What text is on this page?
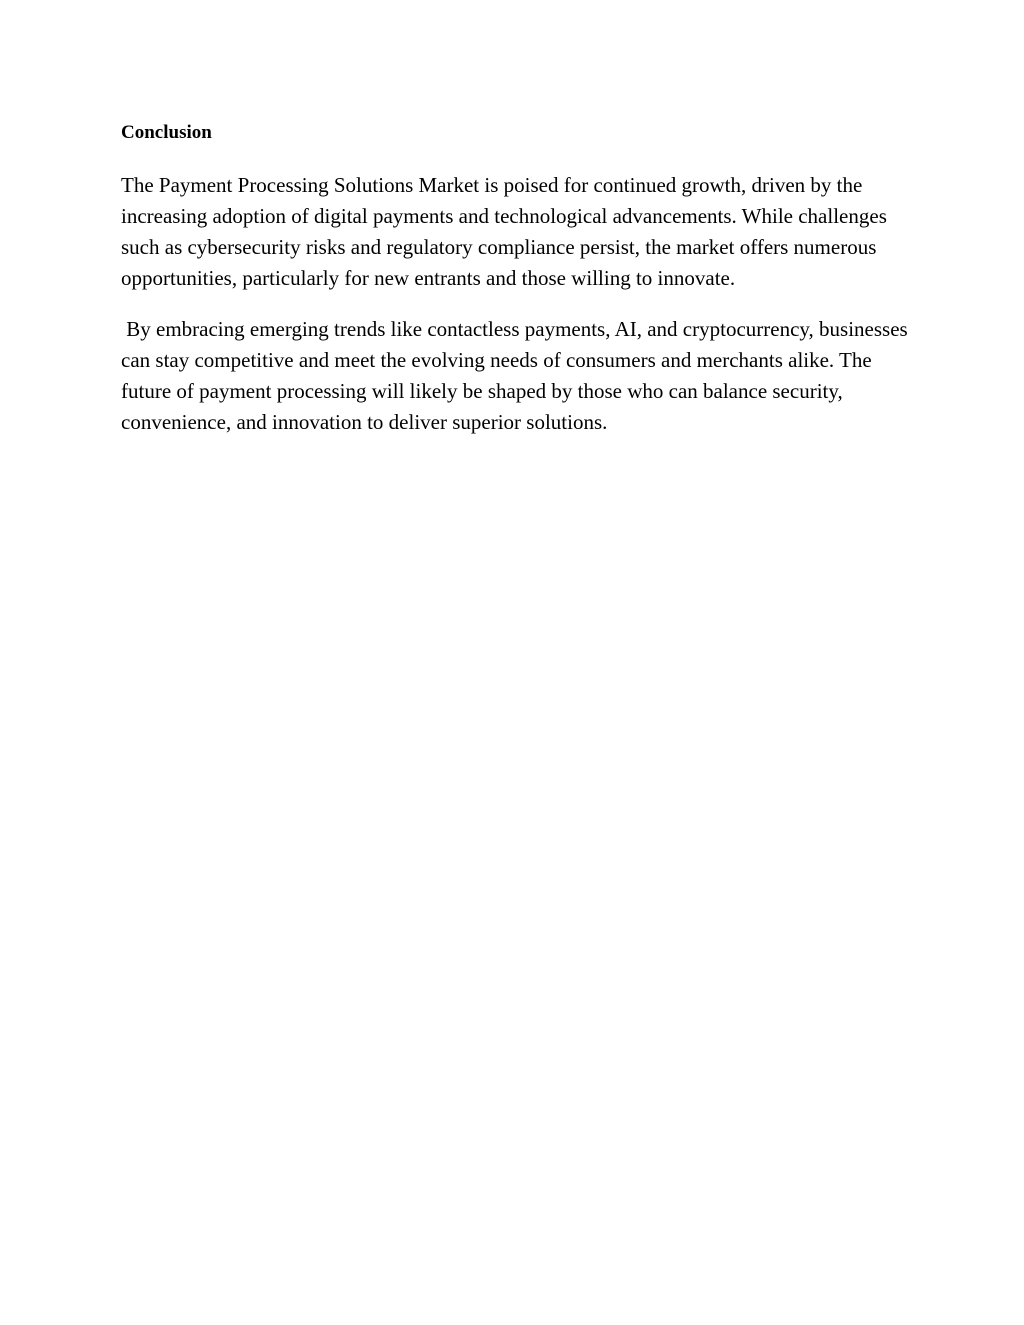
Conclusion

The Payment Processing Solutions Market is poised for continued growth, driven by the increasing adoption of digital payments and technological advancements. While challenges such as cybersecurity risks and regulatory compliance persist, the market offers numerous opportunities, particularly for new entrants and those willing to innovate.

By embracing emerging trends like contactless payments, AI, and cryptocurrency, businesses can stay competitive and meet the evolving needs of consumers and merchants alike. The future of payment processing will likely be shaped by those who can balance security, convenience, and innovation to deliver superior solutions.
